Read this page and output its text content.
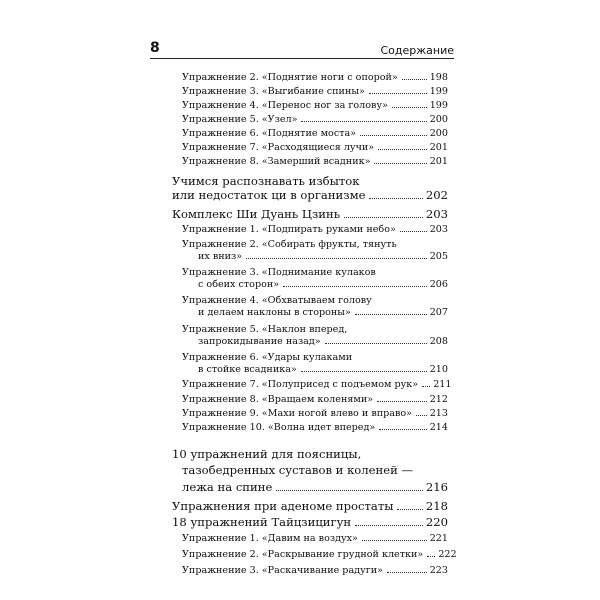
8	Содержание
Упражнение 2. «Поднятие ноги с опорой»	198
Упражнение 3. «Выгибание спины»	199
Упражнение 4. «Перенос ног за голову»	199
Упражнение 5. «Узел»	200
Упражнение 6. «Поднятие моста»	200
Упражнение 7. «Расходящиеся лучи»	201
Упражнение 8. «Замерший всадник»	201
Учимся распознавать избыток
или недостаток ци в организме	202
Комплекс Ши Дуань Цзинь	203
Упражнение 1. «Подпирать руками небо»	203
Упражнение 2. «Собирать фрукты, тянуть
их вниз»	205
Упражнение 3. «Поднимание кулаков
с обеих сторон»	206
Упражнение 4. «Обхватываем голову
и делаем наклоны в стороны»	207
Упражнение 5. «Наклон вперед,
запрокидывание назад»	208
Упражнение 6. «Удары кулаками
в стойке всадника»	210
Упражнение 7. «Полуприсед с подъемом рук» 211
Упражнение 8. «Вращаем коленями»	212
Упражнение 9. «Махи ногой влево и вправо» 213
Упражнение 10. «Волна идет вперед»	214
10 упражнений для поясницы,
тазобедренных суставов и коленей —
лежа на спине	216
Упражнения при аденоме простаты	218
18 упражнений Тайцзицигун	220
Упражнение 1. «Давим на воздух»	221
Упражнение 2. «Раскрывание грудной клетки» 222
Упражнение 3. «Раскачивание радуги»	223
